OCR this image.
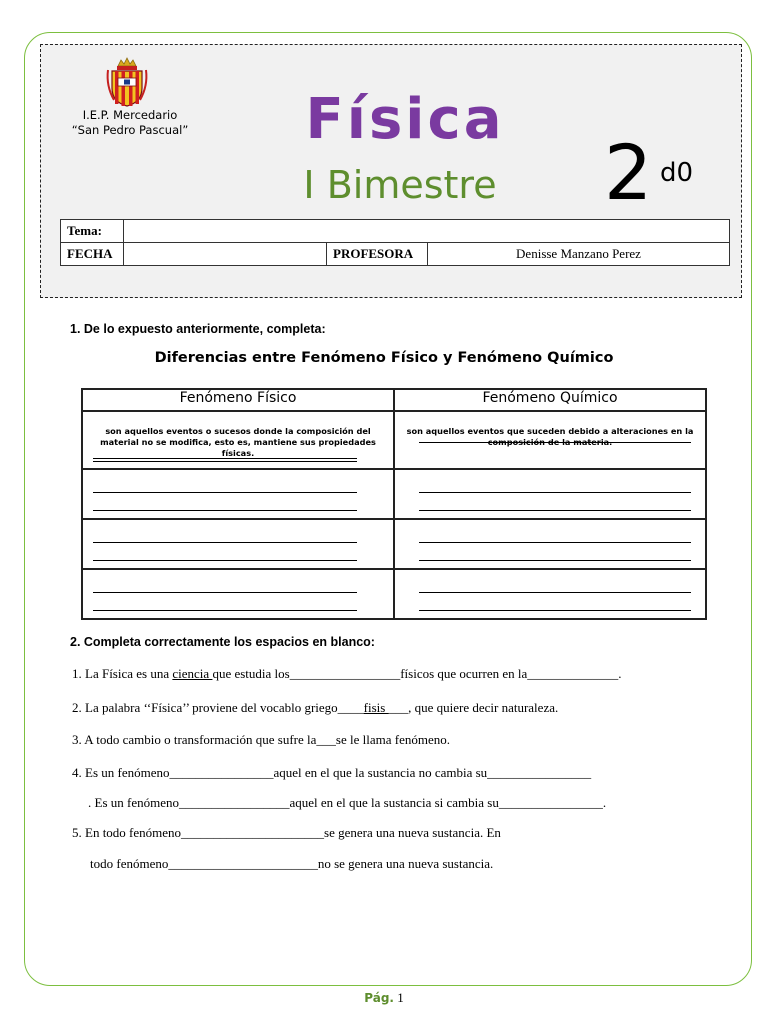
I.E.P. Mercedario
“San Pedro Pascual”	Física
I Bimestre	2 d0
Tema:			
FECHA		PROFESORA	Denisse Manzano Perez
1. De lo expuesto anteriormente, completa:
Diferencias entre Fenómeno Físico y Fenómeno Químico
Fenómeno Físico	Fenómeno Químico

son aquellos eventos o sucesos donde la composición del material no se modifica, esto es, mantiene sus propiedades físicas.	son aquellos eventos que suceden debido a alteraciones en la composición de la materia.

2. Completa correctamente los espacios en blanco:
1. La Física es una ciencia que estudia los_________________físicos que ocurren en la______________.
2. La palabra ‘‘Física’’ proviene del vocablo griego____fisis ___, que quiere decir naturaleza.
3. A todo cambio o transformación que sufre la___se le llama fenómeno.
4. Es un fenómeno________________aquel en el que la sustancia no cambia su________________
. Es un fenómeno_________________aquel en el que la sustancia si cambia su________________.
5. En todo fenómeno______________________se genera una nueva sustancia. En
todo fenómeno_______________________no se genera una nueva sustancia.
Pág. 1
